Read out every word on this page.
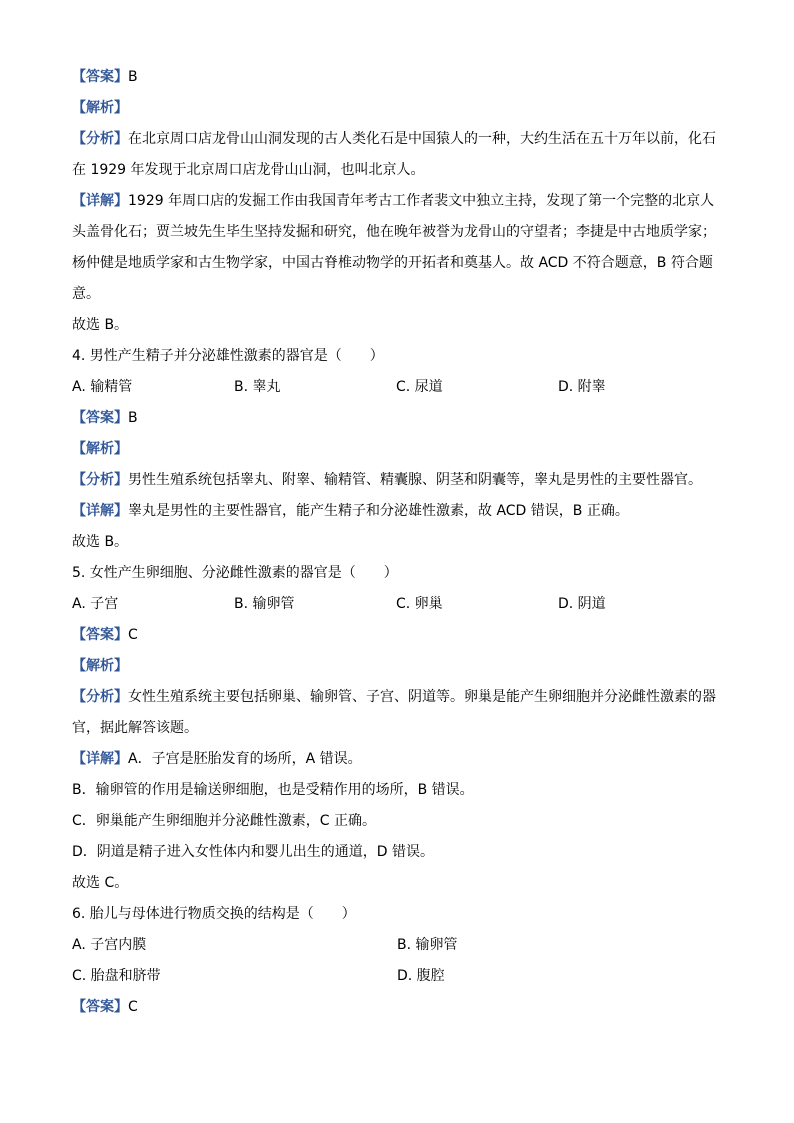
【答案】B
【解析】
【分析】在北京周口店龙骨山山洞发现的古人类化石是中国猿人的一种，大约生活在五十万年以前，化石在 1929 年发现于北京周口店龙骨山山洞，也叫北京人。
【详解】1929 年周口店的发掘工作由我国青年考古工作者裴文中独立主持，发现了第一个完整的北京人头盖骨化石；贾兰坡先生毕生坚持发掘和研究，他在晚年被誉为龙骨山的守望者；李捷是中古地质学家；杨仲健是地质学家和古生物学家，中国古脊椎动物学的开拓者和奠基人。故 ACD 不符合题意，B 符合题意。
故选 B。
4. 男性产生精子并分泌雄性激素的器官是（　　）
A. 输精管	B. 睾丸	C. 尿道	D. 附睾
【答案】B
【解析】
【分析】男性生殖系统包括睾丸、附睾、输精管、精囊腺、阴茎和阴囊等，睾丸是男性的主要性器官。
【详解】睾丸是男性的主要性器官，能产生精子和分泌雄性激素，故 ACD 错误，B 正确。
故选 B。
5. 女性产生卵细胞、分泌雌性激素的器官是（　　）
A. 子宫	B. 输卵管	C. 卵巢	D. 阴道
【答案】C
【解析】
【分析】女性生殖系统主要包括卵巢、输卵管、子宫、阴道等。卵巢是能产生卵细胞并分泌雌性激素的器官，据此解答该题。
【详解】A．子宫是胚胎发育的场所，A 错误。
B．输卵管的作用是输送卵细胞，也是受精作用的场所，B 错误。
C．卵巢能产生卵细胞并分泌雌性激素，C 正确。
D．阴道是精子进入女性体内和婴儿出生的通道，D 错误。
故选 C。
6. 胎儿与母体进行物质交换的结构是（　　）
A. 子宫内膜	B. 输卵管
C. 胎盘和脐带	D. 腹腔
【答案】C
